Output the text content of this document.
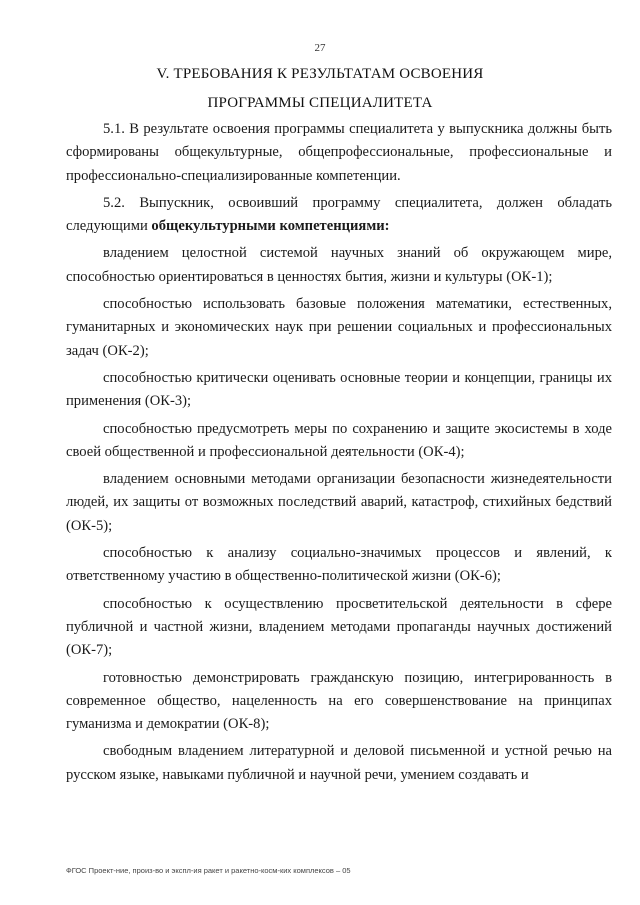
27
V. ТРЕБОВАНИЯ К РЕЗУЛЬТАТАМ ОСВОЕНИЯ
ПРОГРАММЫ СПЕЦИАЛИТЕТА

5.1. В результате освоения программы специалитета у выпускника должны быть сформированы общекультурные, общепрофессиональные, профессиональные и профессионально-специализированные компетенции.

5.2. Выпускник, освоивший программу специалитета, должен обладать следующими общекультурными компетенциями:

владением целостной системой научных знаний об окружающем мире, способностью ориентироваться в ценностях бытия, жизни и культуры (ОК-1);

способностью использовать базовые положения математики, естественных, гуманитарных и экономических наук при решении социальных и профессиональных задач (ОК-2);

способностью критически оценивать основные теории и концепции, границы их применения (ОК-3);

способностью предусмотреть меры по сохранению и защите экосистемы в ходе своей общественной и профессиональной деятельности (ОК-4);

владением основными методами организации безопасности жизнедеятельности людей, их защиты от возможных последствий аварий, катастроф, стихийных бедствий (ОК-5);

способностью к анализу социально-значимых процессов и явлений, к ответственному участию в общественно-политической жизни (ОК-6);

способностью к осуществлению просветительской деятельности в сфере публичной и частной жизни, владением методами пропаганды научных достижений (ОК-7);

готовностью демонстрировать гражданскую позицию, интегрированность в современное общество, нацеленность на его совершенствование на принципах гуманизма и демократии (ОК-8);

свободным владением литературной и деловой письменной и устной речью на русском языке, навыками публичной и научной речи, умением создавать и

ФГОС Проект-ние, произ-во и экспл-ия ракет и ракетно-косм-ких комплексов – 05
